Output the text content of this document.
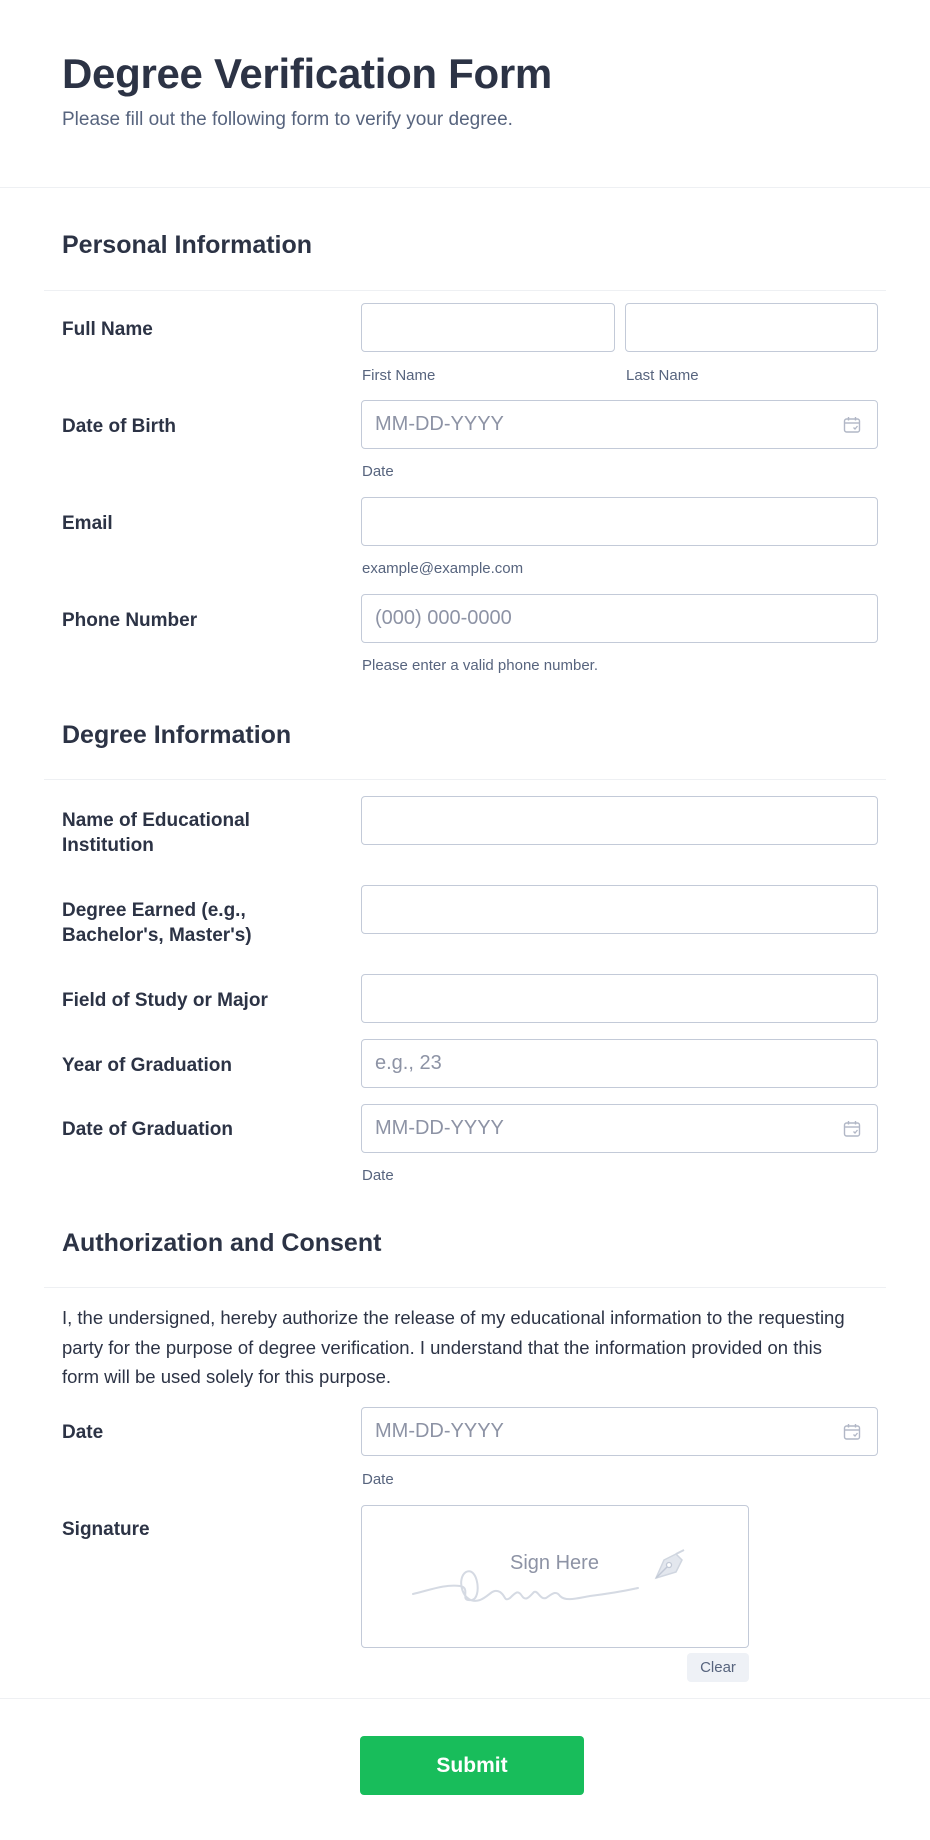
Degree Verification Form

Please fill out the following form to verify your degree.

Personal Information
Full Name
First Name	Last Name
Date of Birth
MM-DD-YYYY
Date
Email
example@example.com
Phone Number
(000) 000-0000
Please enter a valid phone number.
Degree Information
Name of Educational Institution
Degree Earned (e.g., Bachelor's, Master's)
Field of Study or Major
Year of Graduation
e.g., 23
Date of Graduation
MM-DD-YYYY
Date
Authorization and Consent

I, the undersigned, hereby authorize the release of my educational information to the requesting party for the purpose of degree verification. I understand that the information provided on this form will be used solely for this purpose.

Date
MM-DD-YYYY
Date
Signature
Sign Here
Clear
Submit
